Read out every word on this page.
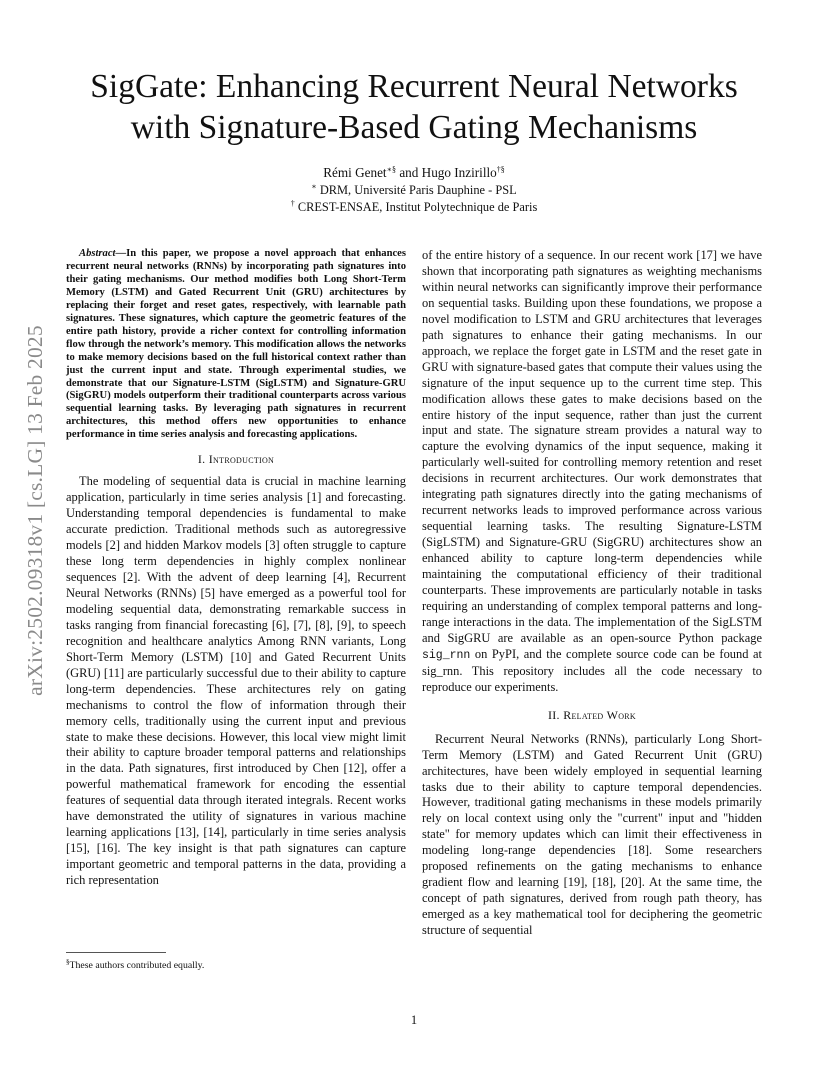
arXiv:2502.09318v1 [cs.LG] 13 Feb 2025
SigGate: Enhancing Recurrent Neural Networks
with Signature-Based Gating Mechanisms
Rémi Genet∗§ and Hugo Inzirillo†§
∗ DRM, Université Paris Dauphine - PSL
† CREST-ENSAE, Institut Polytechnique de Paris

Abstract—In this paper, we propose a novel approach that enhances recurrent neural networks (RNNs) by incorporating path signatures into their gating mechanisms. Our method modifies both Long Short-Term Memory (LSTM) and Gated Recurrent Unit (GRU) architectures by replacing their forget and reset gates, respectively, with learnable path signatures. These signatures, which capture the geometric features of the entire path history, provide a richer context for controlling information flow through the network’s memory. This modification allows the networks to make memory decisions based on the full historical context rather than just the current input and state. Through experimental studies, we demonstrate that our Signature-LSTM (SigLSTM) and Signature-GRU (SigGRU) models outperform their traditional counterparts across various sequential learning tasks. By leveraging path signatures in recurrent architectures, this method offers new opportunities to enhance performance in time series analysis and forecasting applications.

I. Introduction

The modeling of sequential data is crucial in machine learning application, particularly in time series analysis [1] and forecasting. Understanding temporal dependencies is fundamental to make accurate prediction. Traditional methods such as autoregressive models [2] and hidden Markov models [3] often struggle to capture these long term dependencies in highly complex nonlinear sequences [2]. With the advent of deep learning [4], Recurrent Neural Networks (RNNs) [5] have emerged as a powerful tool for modeling sequential data, demonstrating remarkable success in tasks ranging from financial forecasting [6], [7], [8], [9], to speech recognition and healthcare analytics Among RNN variants, Long Short-Term Memory (LSTM) [10] and Gated Recurrent Units (GRU) [11] are particularly successful due to their ability to capture long-term dependencies. These architectures rely on gating mechanisms to control the flow of information through their memory cells, traditionally using the current input and previous state to make these decisions. However, this local view might limit their ability to capture broader temporal patterns and relationships in the data. Path signatures, first introduced by Chen [12], offer a powerful mathematical framework for encoding the essential features of sequential data through iterated integrals. Recent works have demonstrated the utility of signatures in various machine learning applications [13], [14], particularly in time series analysis [15], [16]. The key insight is that path signatures can capture important geometric and temporal patterns in the data, providing a rich representation

of the entire history of a sequence. In our recent work [17] we have shown that incorporating path signatures as weighting mechanisms within neural networks can significantly improve their performance on sequential tasks. Building upon these foundations, we propose a novel modification to LSTM and GRU architectures that leverages path signatures to enhance their gating mechanisms. In our approach, we replace the forget gate in LSTM and the reset gate in GRU with signature-based gates that compute their values using the signature of the input sequence up to the current time step. This modification allows these gates to make decisions based on the entire history of the input sequence, rather than just the current input and state. The signature stream provides a natural way to capture the evolving dynamics of the input sequence, making it particularly well-suited for controlling memory retention and reset decisions in recurrent architectures. Our work demonstrates that integrating path signatures directly into the gating mechanisms of recurrent networks leads to improved performance across various sequential learning tasks. The resulting Signature-LSTM (SigLSTM) and Signature-GRU (SigGRU) architectures show an enhanced ability to capture long-term dependencies while maintaining the computational efficiency of their traditional counterparts. These improvements are particularly notable in tasks requiring an understanding of complex temporal patterns and long-range interactions in the data. The implementation of the SigLSTM and SigGRU are available as an open-source Python package sig_rnn on PyPI, and the complete source code can be found at sig_rnn. This repository includes all the code necessary to reproduce our experiments.

II. Related Work

Recurrent Neural Networks (RNNs), particularly Long Short-Term Memory (LSTM) and Gated Recurrent Unit (GRU) architectures, have been widely employed in sequential learning tasks due to their ability to capture temporal dependencies. However, traditional gating mechanisms in these models primarily rely on local context using only the "current" input and "hidden state" for memory updates which can limit their effectiveness in modeling long-range dependencies [18]. Some researchers proposed refinements on the gating mechanisms to enhance gradient flow and learning [19], [18], [20]. At the same time, the concept of path signatures, derived from rough path theory, has emerged as a key mathematical tool for deciphering the geometric structure of sequential

§These authors contributed equally.
1
